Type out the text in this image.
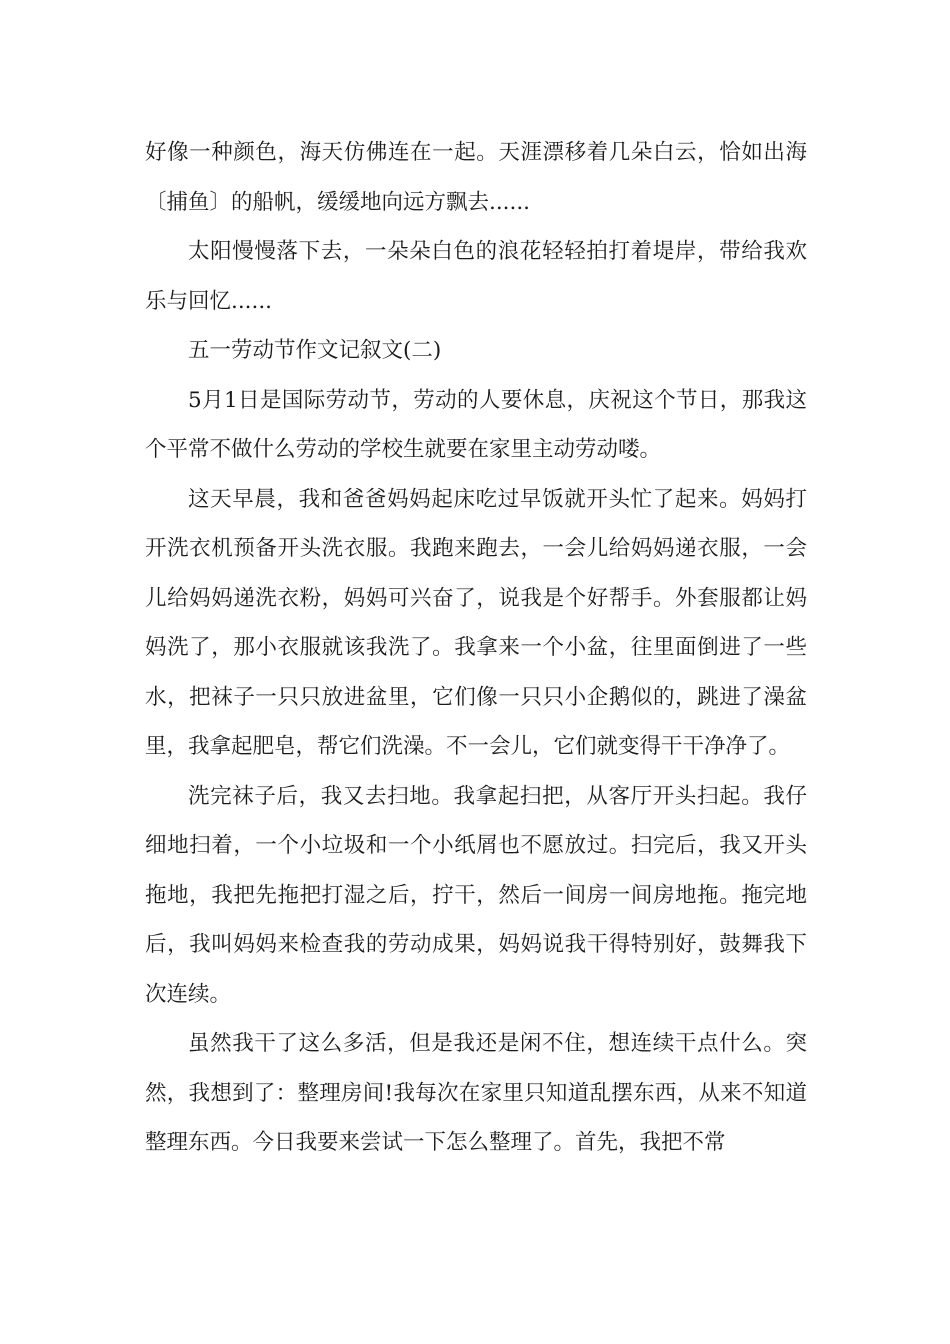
好像一种颜色，海天仿佛连在一起。天涯漂移着几朵白云，恰如出海〔捕鱼〕的船帆，缓缓地向远方飘去......

太阳慢慢落下去，一朵朵白色的浪花轻轻拍打着堤岸，带给我欢乐与回忆......

五一劳动节作文记叙文(二)

5月1日是国际劳动节，劳动的人要休息，庆祝这个节日，那我这个平常不做什么劳动的学校生就要在家里主动劳动喽。

这天早晨，我和爸爸妈妈起床吃过早饭就开头忙了起来。妈妈打开洗衣机预备开头洗衣服。我跑来跑去，一会儿给妈妈递衣服，一会儿给妈妈递洗衣粉，妈妈可兴奋了，说我是个好帮手。外套服都让妈妈洗了，那小衣服就该我洗了。我拿来一个小盆，往里面倒进了一些水，把袜子一只只放进盆里，它们像一只只小企鹅似的，跳进了澡盆里，我拿起肥皂，帮它们洗澡。不一会儿，它们就变得干干净净了。

洗完袜子后，我又去扫地。我拿起扫把，从客厅开头扫起。我仔细地扫着，一个小垃圾和一个小纸屑也不愿放过。扫完后，我又开头拖地，我把先拖把打湿之后，拧干，然后一间房一间房地拖。拖完地后，我叫妈妈来检查我的劳动成果，妈妈说我干得特别好，鼓舞我下次连续。

虽然我干了这么多活，但是我还是闲不住，想连续干点什么。突然，我想到了：整理房间!我每次在家里只知道乱摆东西，从来不知道整理东西。今日我要来尝试一下怎么整理了。首先，我把不常
